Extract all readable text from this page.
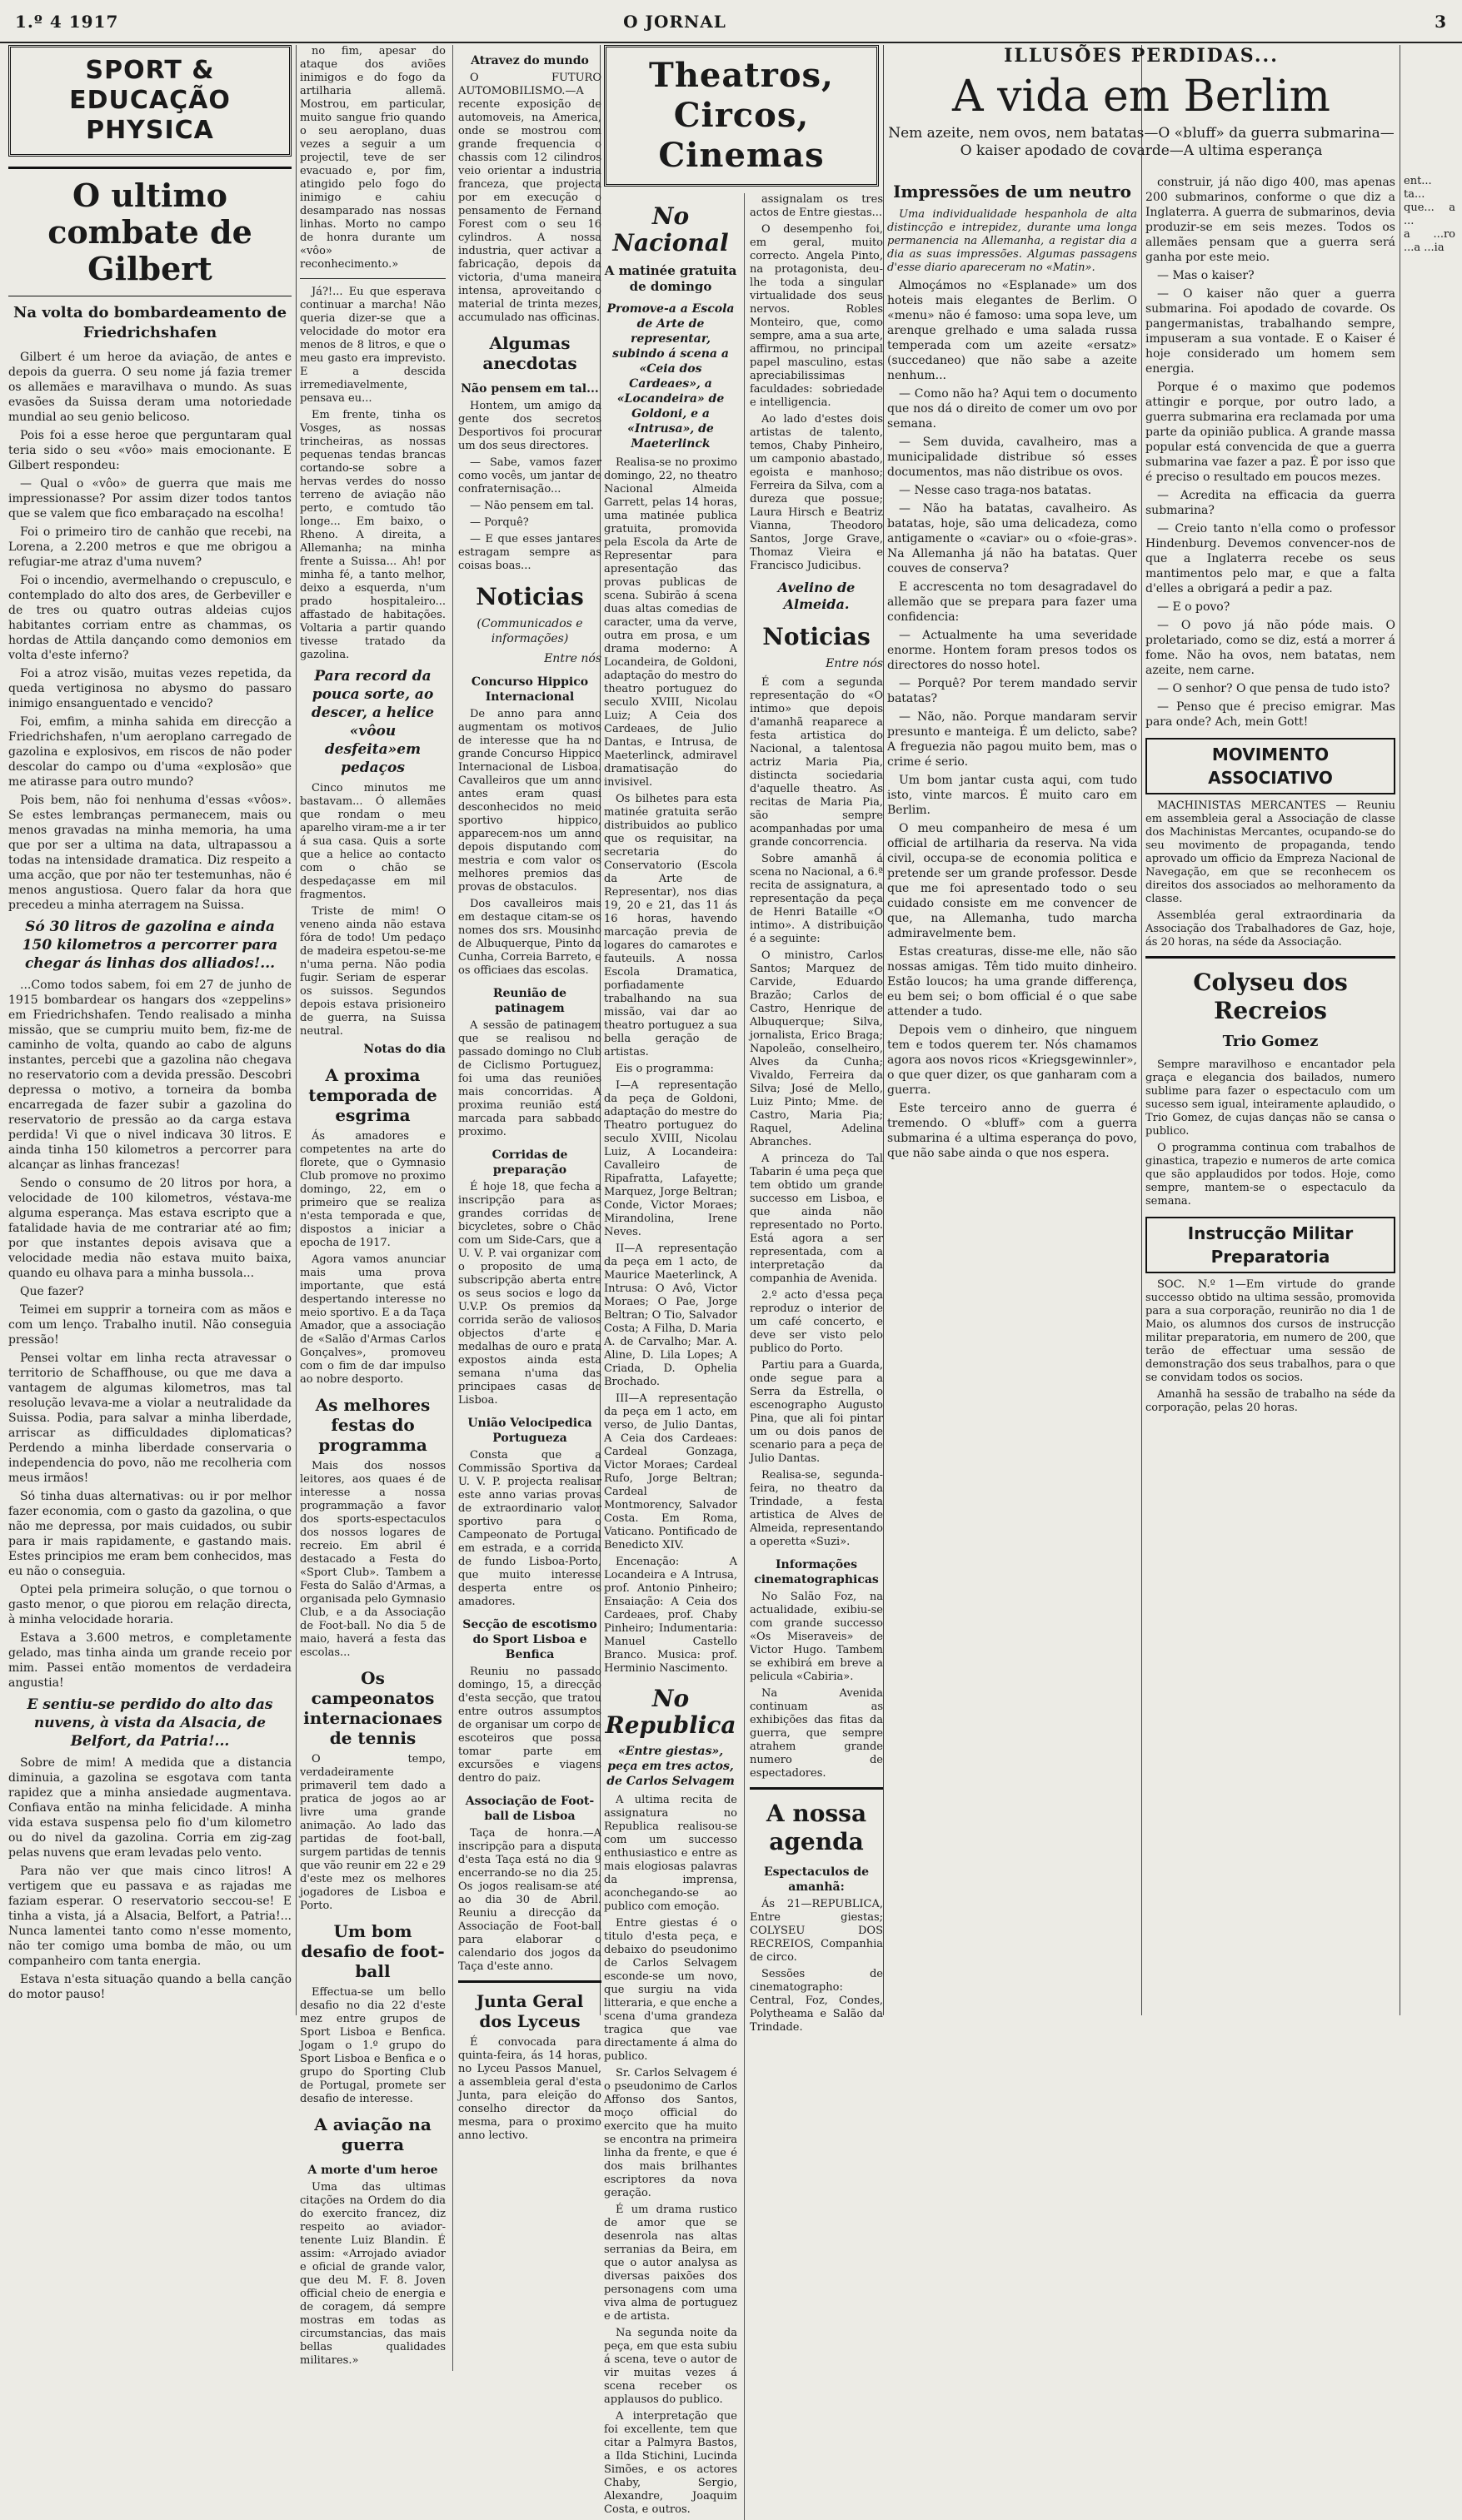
1.º 4 1917	O JORNAL	3
SPORT & EDUCAÇÃO PHYSICA
O ultimo combate de Gilbert
Na volta do bombardeamento de Friedrichshafen

Gilbert é um heroe da aviação, de antes e depois da guerra. O seu nome já fazia tremer os allemães e maravilhava o mundo. As suas evasões da Suissa deram uma notoriedade mundial ao seu genio belicoso.

Pois foi a esse heroe que perguntaram qual teria sido o seu «vôo» mais emocionante. E Gilbert respondeu:

— Qual o «vôo» de guerra que mais me impressionasse? Por assim dizer todos tantos que se valem que fico embaraçado na escolha!

Foi o primeiro tiro de canhão que recebi, na Lorena, a 2.200 metros e que me obrigou a refugiar-me atraz d'uma nuvem?

Foi o incendio, avermelhando o crepusculo, e contemplado do alto dos ares, de Gerbeviller e de tres ou quatro outras aldeias cujos habitantes corriam entre as chammas, os hordas de Attila dançando como demonios em volta d'este inferno?

Foi a atroz visão, muitas vezes repetida, da queda vertiginosa no abysmo do passaro inimigo ensanguentado e vencido?

Foi, emfim, a minha sahida em direcção a Friedrichshafen, n'um aeroplano carregado de gazolina e explosivos, em riscos de não poder descolar do campo ou d'uma «explosão» que me atirasse para outro mundo?

Pois bem, não foi nenhuma d'essas «vôos». Se estes lembranças permanecem, mais ou menos gravadas na minha memoria, ha uma que por ser a ultima na data, ultrapassou a todas na intensidade dramatica. Diz respeito a uma acção, que por não ter testemunhas, não é menos angustiosa. Quero falar da hora que precedeu a minha aterragem na Suissa.

Só 30 litros de gazolina e ainda 150 kilometros a percorrer para chegar ás linhas dos alliados!...

...Como todos sabem, foi em 27 de junho de 1915 bombardear os hangars dos «zeppelins» em Friedrichshafen. Tendo realisado a minha missão, que se cumpriu muito bem, fiz-me de caminho de volta, quando ao cabo de alguns instantes, percebi que a gazolina não chegava no reservatorio com a devida pressão. Descobri depressa o motivo, a torneira da bomba encarregada de fazer subir a gazolina do reservatorio de pressão ao da carga estava perdida! Vi que o nivel indicava 30 litros. E ainda tinha 150 kilometros a percorrer para alcançar as linhas francezas!

Sendo o consumo de 20 litros por hora, a velocidade de 100 kilometros, véstava-me alguma esperança. Mas estava escripto que a fatalidade havia de me contrariar até ao fim; por que instantes depois avisava que a velocidade media não estava muito baixa, quando eu olhava para a minha bussola...

Que fazer?

Teimei em supprir a torneira com as mãos e com um lenço. Trabalho inutil. Não conseguia pressão!

Pensei voltar em linha recta atravessar o territorio de Schaffhouse, ou que me dava a vantagem de algumas kilometros, mas tal resolução levava-me a violar a neutralidade da Suissa. Podia, para salvar a minha liberdade, arriscar as difficuldades diplomaticas? Perdendo a minha liberdade conservaria o independencia do povo, não me recolheria com meus irmãos!

Só tinha duas alternativas: ou ir por melhor fazer economia, com o gasto da gazolina, o que não me depressa, por mais cuidados, ou subir para ir mais rapidamente, e gastando mais. Estes principios me eram bem conhecidos, mas eu não o conseguia.

Optei pela primeira solução, o que tornou o gasto menor, o que piorou em relação directa, à minha velocidade horaria.

Estava a 3.600 metros, e completamente gelado, mas tinha ainda um grande receio por mim. Passei então momentos de verdadeira angustia!

E sentiu-se perdido do alto das nuvens, à vista da Alsacia, de Belfort, da Patria!...

Sobre de mim! A medida que a distancia diminuia, a gazolina se esgotava com tanta rapidez que a minha ansiedade augmentava. Confiava então na minha felicidade. A minha vida estava suspensa pelo fio d'um kilometro ou do nivel da gazolina. Corria em zig-zag pelas nuvens que eram levadas pelo vento.

Para não ver que mais cinco litros! A vertigem que eu passava e as rajadas me faziam esperar. O reservatorio seccou-se! E tinha a vista, já a Alsacia, Belfort, a Patria!... Nunca lamentei tanto como n'esse momento, não ter comigo uma bomba de mão, ou um companheiro com tanta energia.

Estava n'esta situação quando a bella canção do motor pauso!

no fim, apesar do ataque dos aviões inimigos e do fogo da artilharia allemã. Mostrou, em particular, muito sangue frio quando o seu aeroplano, duas vezes a seguir a um projectil, teve de ser evacuado e, por fim, atingido pelo fogo do inimigo e cahiu desamparado nas nossas linhas. Morto no campo de honra durante um «vôo» de reconhecimento.»

Já?!... Eu que esperava continuar a marcha! Não queria dizer-se que a velocidade do motor era menos de 8 litros, e que o meu gasto era imprevisto. E a descida irremediavelmente, pensava eu...

Em frente, tinha os Vosges, as nossas trincheiras, as nossas pequenas tendas brancas cortando-se sobre a hervas verdes do nosso terreno de aviação não perto, e comtudo tão longe... Em baixo, o Rheno. A direita, a Allemanha; na minha frente a Suissa... Ah! por minha fé, a tanto melhor, deixo a esquerda, n'um prado hospitaleiro... affastado de habitações. Voltaria a partir quando tivesse tratado da gazolina.

Para record da pouca sorte, ao descer, a helice «vôou desfeita»em pedaços

Cinco minutos me bastavam... Ó allemães que rondam o meu aparelho viram-me a ir ter á sua casa. Quis a sorte que a helice ao contacto com o chão se despedaçasse em mil fragmentos.

Triste de mim! O veneno ainda não estava fóra de todo! Um pedaço de madeira espetou-se-me n'uma perna. Não podia fugir. Seriam de esperar os suissos. Segundos depois estava prisioneiro de guerra, na Suissa neutral.

Notas do dia
A proxima temporada de esgrima

Ás amadores e competentes na arte do florete, que o Gymnasio Club promove no proximo domingo, 22, em o primeiro que se realiza n'esta temporada e que, dispostos a iniciar a epocha de 1917.

Agora vamos anunciar mais uma prova importante, que está despertando interesse no meio sportivo. E a da Taça Amador, que a associação de «Salão d'Armas Carlos Gonçalves», promoveu com o fim de dar impulso ao nobre desporto.

As melhores festas do programma

Mais dos nossos leitores, aos quaes é de interesse a nossa programmação a favor dos sports-espectaculos dos nossos logares de recreio. Em abril é destacado a Festa do «Sport Club». Tambem a Festa do Salão d'Armas, a organisada pelo Gymnasio Club, e a da Associação de Foot-ball. No dia 5 de maio, haverá a festa das escolas...

Os campeonatos internacionaes de tennis

O tempo, verdadeiramente primaveril tem dado a pratica de jogos ao ar livre uma grande animação. Ao lado das partidas de foot-ball, surgem partidas de tennis que vão reunir em 22 e 29 d'este mez os melhores jogadores de Lisboa e Porto.

Um bom desafio de foot-ball

Effectua-se um bello desafio no dia 22 d'este mez entre grupos de Sport Lisboa e Benfica. Jogam o 1.º grupo do Sport Lisboa e Benfica e o grupo do Sporting Club de Portugal, promete ser desafio de interesse.

A aviação na guerra
A morte d'um heroe

Uma das ultimas citações na Ordem do dia do exercito francez, diz respeito ao aviador-tenente Luiz Blandin. É assim: «Arrojado aviador e oficial de grande valor, que deu M. F. 8. Joven official cheio de energia e de coragem, dá sempre mostras em todas as circumstancias, das mais bellas qualidades militares.»

Atravez do mundo

O FUTURO AUTOMOBILISMO.—A recente exposição de automoveis, na America, onde se mostrou com grande frequencia o chassis com 12 cilindros veio orientar a industria franceza, que projecta por em execução o pensamento de Fernand Forest com o seu 16 cylindros. A nossa industria, quer activar a fabricação, depois da victoria, d'uma maneira intensa, aproveitando o material de trinta mezes, accumulado nas officinas.

Algumas anecdotas
Não pensem em tal...

Hontem, um amigo da gente dos secretos Desportivos foi procurar um dos seus directores.

— Sabe, vamos fazer como vocês, um jantar de confraternisação...

— Não pensem em tal.

— Porquê?

— E que esses jantares estragam sempre as coisas boas...

Noticias
(Communicados e informações)
Entre nós
Concurso Hippico Internacional

De anno para anno augmentam os motivos de interesse que ha no grande Concurso Hippico Internacional de Lisboa. Cavalleiros que um anno antes eram quasi desconhecidos no meio sportivo hippico, apparecem-nos um anno depois disputando com mestria e com valor os melhores premios das provas de obstaculos.

Dos cavalleiros mais em destaque citam-se os nomes dos srs. Mousinho de Albuquerque, Pinto da Cunha, Correia Barreto, e os officiaes das escolas.

Reunião de patinagem

A sessão de patinagem que se realisou no passado domingo no Club de Ciclismo Portuguez, foi uma das reuniões mais concorridas. A proxima reunião está marcada para sabbado proximo.

Corridas de preparação

É hoje 18, que fecha a inscripção para as grandes corridas de bicycletes, sobre o Chão com um Side-Cars, que a U. V. P. vai organizar com o proposito de uma subscripção aberta entre os seus socios e logo da U.V.P. Os premios da corrida serão de valiosos objectos d'arte e medalhas de ouro e prata expostos ainda esta semana n'uma das principaes casas de Lisboa.

União Velocipedica Portugueza

Consta que a Commissão Sportiva da U. V. P. projecta realisar este anno varias provas de extraordinario valor sportivo para o Campeonato de Portugal em estrada, e a corrida de fundo Lisboa-Porto, que muito interesse desperta entre os amadores.

Secção de escotismo do Sport Lisboa e Benfica

Reuniu no passado domingo, 15, a direcção d'esta secção, que tratou entre outros assumptos de organisar um corpo de escoteiros que possa tomar parte em excursões e viagens dentro do paiz.

Associação de Foot-ball de Lisboa

Taça de honra.—A inscripção para a disputa d'esta Taça está no dia 9 encerrando-se no dia 25. Os jogos realisam-se até ao dia 30 de Abril. Reuniu a direcção da Associação de Foot-ball para elaborar o calendario dos jogos da Taça d'este anno.

Junta Geral dos Lyceus

É convocada para quinta-feira, ás 14 horas, no Lyceu Passos Manuel, a assembleia geral d'esta Junta, para eleição do conselho director da mesma, para o proximo anno lectivo.

Theatros, Circos, Cinemas
No Nacional
A matinée gratuita de domingo
Promove-a a Escola de Arte de representar, subindo á scena a «Ceia dos Cardeaes», a «Locandeira» de Goldoni, e a «Intrusa», de Maeterlinck

Realisa-se no proximo domingo, 22, no theatro Nacional Almeida Garrett, pelas 14 horas, uma matinée publica gratuita, promovida pela Escola da Arte de Representar para apresentação das provas publicas de scena. Subirão á scena duas altas comedias de caracter, uma da verve, outra em prosa, e um drama moderno: A Locandeira, de Goldoni, adaptação do mestro do theatro portuguez do seculo XVIII, Nicolau Luiz; A Ceia dos Cardeaes, de Julio Dantas, e Intrusa, de Maeterlinck, admiravel dramatisação do invisivel.

Os bilhetes para esta matinée gratuita serão distribuidos ao publico que os requisitar, na secretaria do Conservatorio (Escola da Arte de Representar), nos dias 19, 20 e 21, das 11 ás 16 horas, havendo marcação previa de logares do camarotes e fauteuils. A nossa Escola Dramatica, porfiadamente trabalhando na sua missão, vai dar ao theatro portuguez a sua bella geração de artistas.

Eis o programma:

I—A representação da peça de Goldoni, adaptação do mestre do Theatro portuguez do seculo XVIII, Nicolau Luiz, A Locandeira: Cavalleiro de Ripafratta, Lafayette; Marquez, Jorge Beltran; Conde, Victor Moraes; Mirandolina, Irene Neves.

II—A representação da peça em 1 acto, de Maurice Maeterlinck, A Intrusa: O Avô, Victor Moraes; O Pae, Jorge Beltran; O Tio, Salvador Costa; A Filha, D. Maria A. de Carvalho; Mar. A. Aline, D. Lila Lopes; A Criada, D. Ophelia Brochado.

III—A representação da peça em 1 acto, em verso, de Julio Dantas, A Ceia dos Cardeaes: Cardeal Gonzaga, Victor Moraes; Cardeal Rufo, Jorge Beltran; Cardeal de Montmorency, Salvador Costa. Em Roma, Vaticano. Pontificado de Benedicto XIV.

Encenação: A Locandeira e A Intrusa, prof. Antonio Pinheiro; Ensaiação: A Ceia dos Cardeaes, prof. Chaby Pinheiro; Indumentaria: Manuel Castello Branco. Musica: prof. Herminio Nascimento.

No Republica
«Entre giestas», peça em tres actos, de Carlos Selvagem

A ultima recita de assignatura no Republica realisou-se com um successo enthusiastico e entre as mais elogiosas palavras da imprensa, aconchegando-se ao publico com emoção.

Entre giestas é o titulo d'esta peça, e debaixo do pseudonimo de Carlos Selvagem esconde-se um novo, que surgiu na vida litteraria, e que enche a scena d'uma grandeza tragica que vae directamente á alma do publico.

Sr. Carlos Selvagem é o pseudonimo de Carlos Affonso dos Santos, moço official do exercito que ha muito se encontra na primeira linha da frente, e que é dos mais brilhantes escriptores da nova geração.

É um drama rustico de amor que se desenrola nas altas serranias da Beira, em que o autor analysa as diversas paixões dos personagens com uma viva alma de portuguez e de artista.

Na segunda noite da peça, em que esta subiu á scena, teve o autor de vir muitas vezes á scena receber os applausos do publico.

A interpretação que foi excellente, tem que citar a Palmyra Bastos, a Ilda Stichini, Lucinda Simões, e os actores Chaby, Sergio, Alexandre, Joaquim Costa, e outros.

assignalam os tres actos de Entre giestas...

O desempenho foi, em geral, muito correcto. Angela Pinto, na protagonista, deu-lhe toda a singular virtualidade dos seus nervos. Robles Monteiro, que, como sempre, ama a sua arte, affirmou, no principal papel masculino, estas apreciabilissimas faculdades: sobriedade e intelligencia.

Ao lado d'estes dois artistas de talento, temos, Chaby Pinheiro, um camponio abastado, egoista e manhoso; Ferreira da Silva, com a dureza que possue; Laura Hirsch e Beatriz Vianna, Theodoro Santos, Jorge Grave, Thomaz Vieira e Francisco Judicibus.

Avelino de Almeida.
Noticias
Entre nós

É com a segunda representação do «O intimo» que depois d'amanhã reaparece a festa artistica do Nacional, a talentosa actriz Maria Pia, distincta sociedaria d'aquelle theatro. As recitas de Maria Pia, são sempre acompanhadas por uma grande concorrencia.

Sobre amanhã á scena no Nacional, a 6.ª recita de assignatura, a representação da peça de Henri Bataille «O intimo». A distribuição é a seguinte:

O ministro, Carlos Santos; Marquez de Carvide, Eduardo Brazão; Carlos de Castro, Henrique de Albuquerque; Silva, jornalista, Erico Braga; Napoleão, conselheiro, Alves da Cunha; Vivaldo, Ferreira da Silva; José de Mello, Luiz Pinto; Mme. de Castro, Maria Pia; Raquel, Adelina Abranches.

A princeza do Tal Tabarin é uma peça que tem obtido um grande successo em Lisboa, e que ainda não representado no Porto. Está agora a ser representada, com a interpretação da companhia de Avenida.

2.º acto d'essa peça reproduz o interior de um café concerto, e deve ser visto pelo publico do Porto.

Partiu para a Guarda, onde segue para a Serra da Estrella, o escenographo Augusto Pina, que ali foi pintar um ou dois panos de scenario para a peça de Julio Dantas.

Realisa-se, segunda-feira, no theatro da Trindade, a festa artistica de Alves de Almeida, representando a operetta «Suzi».

Informações cinematographicas

No Salão Foz, na actualidade, exibiu-se com grande successo «Os Miseraveis» de Victor Hugo. Tambem se exhibirá em breve a pelicula «Cabiria».

Na Avenida continuam as exhibições das fitas da guerra, que sempre atrahem grande numero de espectadores.

A nossa agenda
Espectaculos de amanhã:

Ás 21—REPUBLICA, Entre giestas; COLYSEU DOS RECREIOS, Companhia de circo.

Sessões de cinematographo: Central, Foz, Condes, Polytheama e Salão da Trindade.

ILLUSÕES PERDIDAS...
A vida em Berlim
Nem azeite, nem ovos, nem batatas—O «bluff» da guerra submarina—O kaiser apodado de covarde—A ultima esperança
Impressões de um neutro

Uma individualidade hespanhola de alta distincção e intrepidez, durante uma longa permanencia na Allemanha, a registar dia a dia as suas impressões. Algumas passagens d'esse diario apareceram no «Matin».

Almoçámos no «Esplanade» um dos hoteis mais elegantes de Berlim. O «menu» não é famoso: uma sopa leve, um arenque grelhado e uma salada russa temperada com um azeite «ersatz» (succedaneo) que não sabe a azeite nenhum...

— Como não ha? Aqui tem o documento que nos dá o direito de comer um ovo por semana.

— Sem duvida, cavalheiro, mas a municipalidade distribue só esses documentos, mas não distribue os ovos.

— Nesse caso traga-nos batatas.

— Não ha batatas, cavalheiro. As batatas, hoje, são uma delicadeza, como antigamente o «caviar» ou o «foie-gras». Na Allemanha já não ha batatas. Quer couves de conserva?

E accrescenta no tom desagradavel do allemão que se prepara para fazer uma confidencia:

— Actualmente ha uma severidade enorme. Hontem foram presos todos os directores do nosso hotel.

— Porquê? Por terem mandado servir batatas?

— Não, não. Porque mandaram servir presunto e manteiga. É um delicto, sabe? A freguezia não pagou muito bem, mas o crime é serio.

Um bom jantar custa aqui, com tudo isto, vinte marcos. É muito caro em Berlim.

O meu companheiro de mesa é um official de artilharia da reserva. Na vida civil, occupa-se de economia politica e pretende ser um grande professor. Desde que me foi apresentado todo o seu cuidado consiste em me convencer de que, na Allemanha, tudo marcha admiravelmente bem.

Estas creaturas, disse-me elle, não são nossas amigas. Têm tido muito dinheiro. Estão loucos; ha uma grande differença, eu bem sei; o bom official é o que sabe attender a tudo.

Depois vem o dinheiro, que ninguem tem e todos querem ter. Nós chamamos agora aos novos ricos «Kriegsgewinnler», o que quer dizer, os que ganharam com a guerra.

Este terceiro anno de guerra é tremendo. O «bluff» com a guerra submarina é a ultima esperança do povo, que não sabe ainda o que nos espera.

construir, já não digo 400, mas apenas 200 submarinos, conforme o que diz a Inglaterra. A guerra de submarinos, devia produzir-se em seis mezes. Todos os allemães pensam que a guerra será ganha por este meio.

— Mas o kaiser?

— O kaiser não quer a guerra submarina. Foi apodado de covarde. Os pangermanistas, trabalhando sempre, impuseram a sua vontade. E o Kaiser é hoje considerado um homem sem energia.

Porque é o maximo que podemos attingir e porque, por outro lado, a guerra submarina era reclamada por uma parte da opinião publica. A grande massa popular está convencida de que a guerra submarina vae fazer a paz. É por isso que é preciso o resultado em poucos mezes.

— Acredita na efficacia da guerra submarina?

— Creio tanto n'ella como o professor Hindenburg. Devemos convencer-nos de que a Inglaterra recebe os seus mantimentos pelo mar, e que a falta d'elles a obrigará a pedir a paz.

— E o povo?

— O povo já não póde mais. O proletariado, como se diz, está a morrer á fome. Não ha ovos, nem batatas, nem azeite, nem carne.

— O senhor? O que pensa de tudo isto?

— Penso que é preciso emigrar. Mas para onde? Ach, mein Gott!

MOVIMENTO ASSOCIATIVO

MACHINISTAS MERCANTES — Reuniu em assembleia geral a Associação de classe dos Machinistas Mercantes, ocupando-se do seu movimento de propaganda, tendo aprovado um officio da Empreza Nacional de Navegação, em que se reconhecem os direitos dos associados ao melhoramento da classe.

Assembléa geral extraordinaria da Associação dos Trabalhadores de Gaz, hoje, ás 20 horas, na séde da Associação.

Colyseu dos Recreios
Trio Gomez

Sempre maravilhoso e encantador pela graça e elegancia dos bailados, numero sublime para fazer o espectaculo com um sucesso sem igual, inteiramente aplaudido, o Trio Gomez, de cujas danças não se cansa o publico.

O programma continua com trabalhos de ginastica, trapezio e numeros de arte comica que são applaudidos por todos. Hoje, como sempre, mantem-se o espectaculo da semana.

Instrucção Militar Preparatoria

SOC. N.º 1—Em virtude do grande successo obtido na ultima sessão, promovida para a sua corporação, reunirão no dia 1 de Maio, os alumnos dos cursos de instrucção militar preparatoria, em numero de 200, que terão de effectuar uma sessão de demonstração dos seus trabalhos, para o que se convidam todos os socios.

Amanhã ha sessão de trabalho na séde da corporação, pelas 20 horas.

ent... ta... que... a ...
a ...ro ...a ...ia
